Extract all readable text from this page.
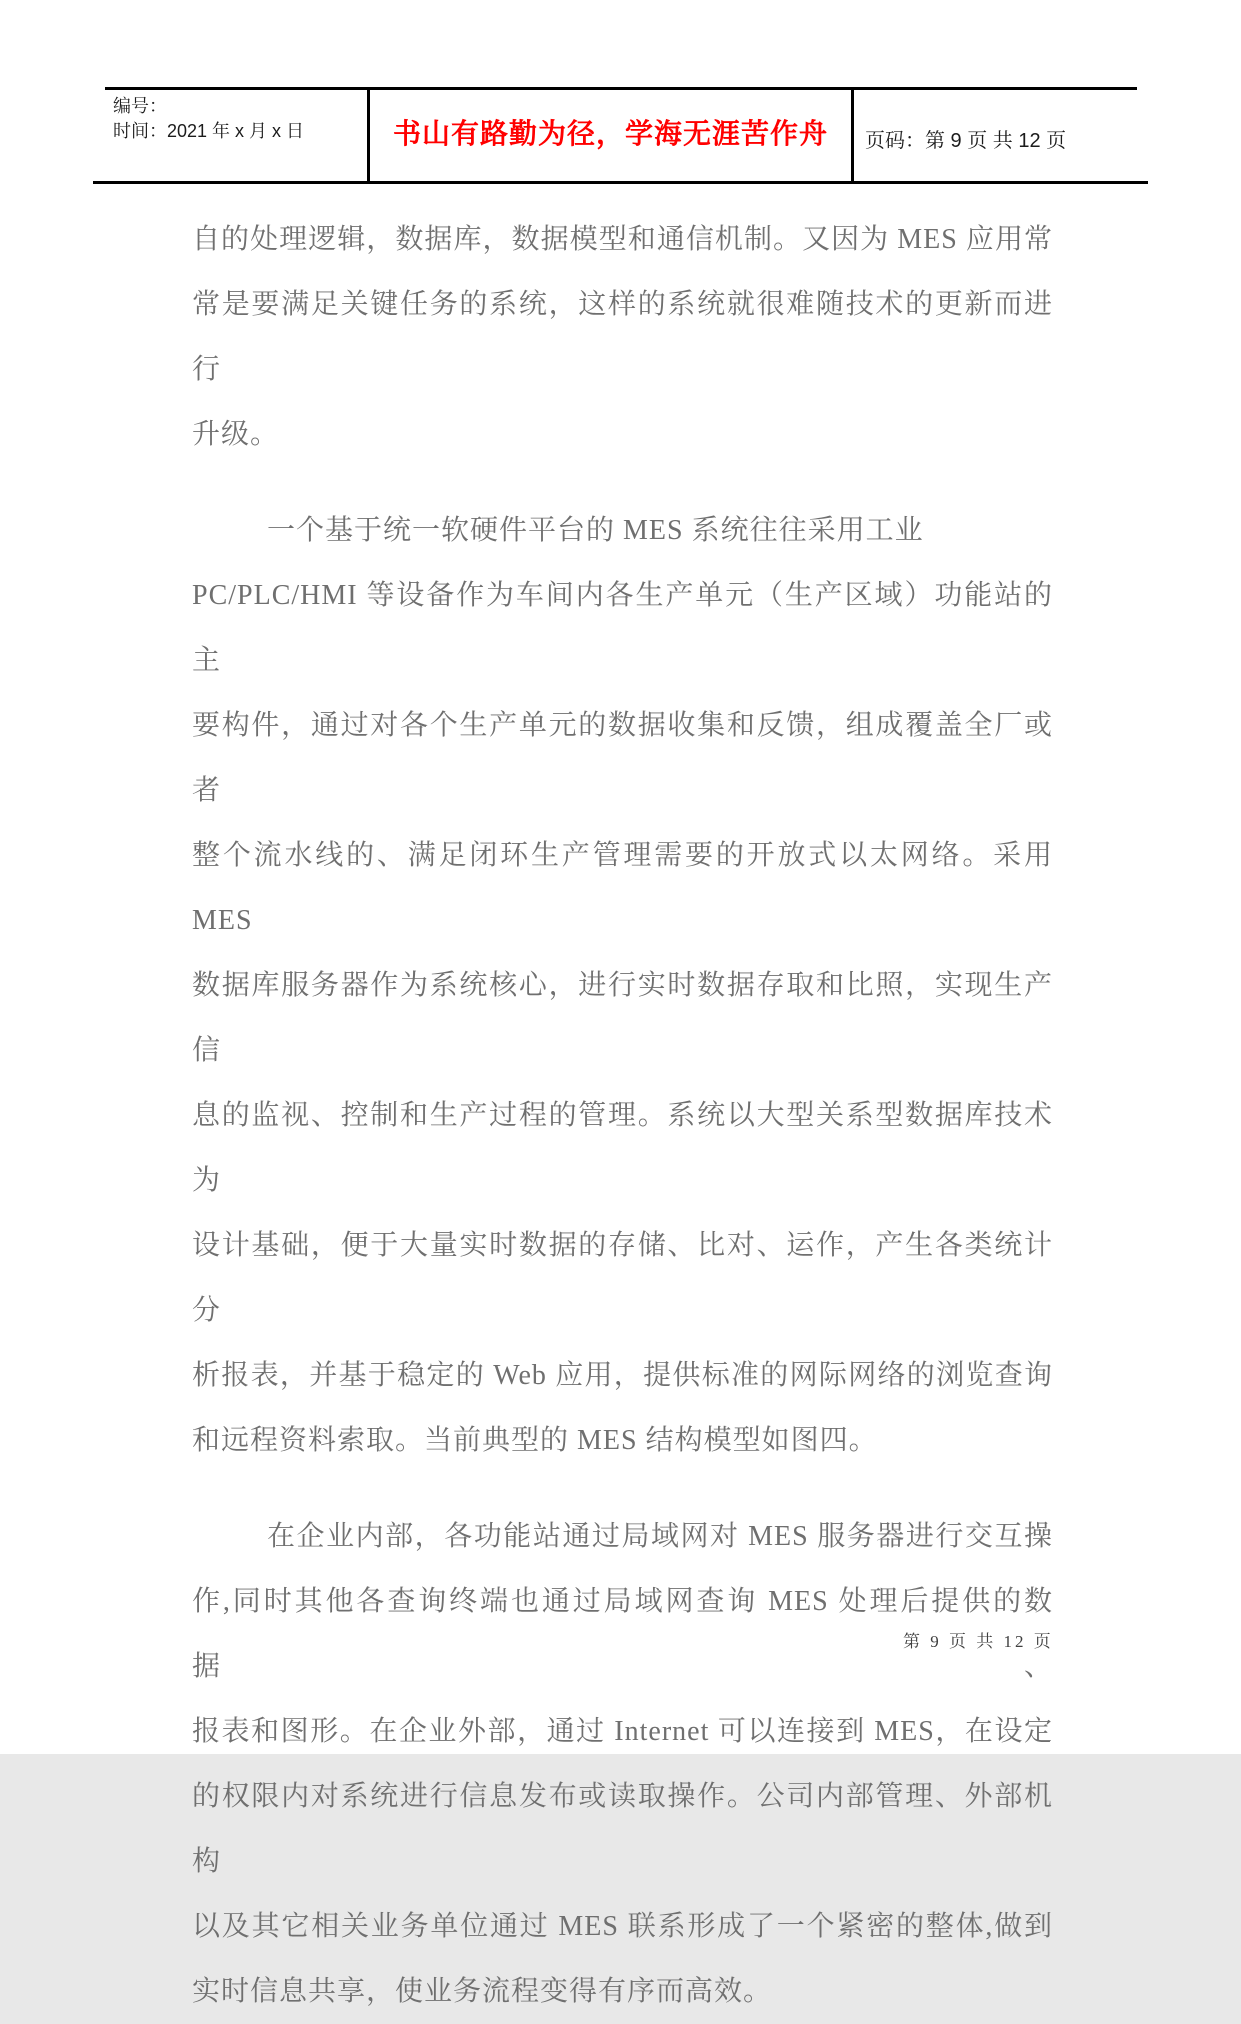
编号：
时间：2021 年 x 月 x 日	书山有路勤为径，学海无涯苦作舟	页码：第 9 页 共 12 页
自的处理逻辑，数据库，数据模型和通信机制。又因为 MES 应用常
常是要满足关键任务的系统，这样的系统就很难随技术的更新而进行
升级。
一个基于统一软硬件平台的 MES 系统往往采用工业
PC/PLC/HMI 等设备作为车间内各生产单元（生产区域）功能站的主
要构件，通过对各个生产单元的数据收集和反馈，组成覆盖全厂或者
整个流水线的、满足闭环生产管理需要的开放式以太网络。采用 MES
数据库服务器作为系统核心，进行实时数据存取和比照，实现生产信
息的监视、控制和生产过程的管理。系统以大型关系型数据库技术为
设计基础，便于大量实时数据的存储、比对、运作，产生各类统计分
析报表，并基于稳定的 Web 应用，提供标准的网际网络的浏览查询
和远程资料索取。当前典型的 MES 结构模型如图四。
在企业内部，各功能站通过局域网对 MES 服务器进行交互操
作,同时其他各查询终端也通过局域网查询 MES 处理后提供的数据、
报表和图形。在企业外部，通过 Internet 可以连接到 MES，在设定
的权限内对系统进行信息发布或读取操作。公司内部管理、外部机构
以及其它相关业务单位通过 MES 联系形成了一个紧密的整体,做到
实时信息共享，使业务流程变得有序而高效。
第 9 页 共 12 页
